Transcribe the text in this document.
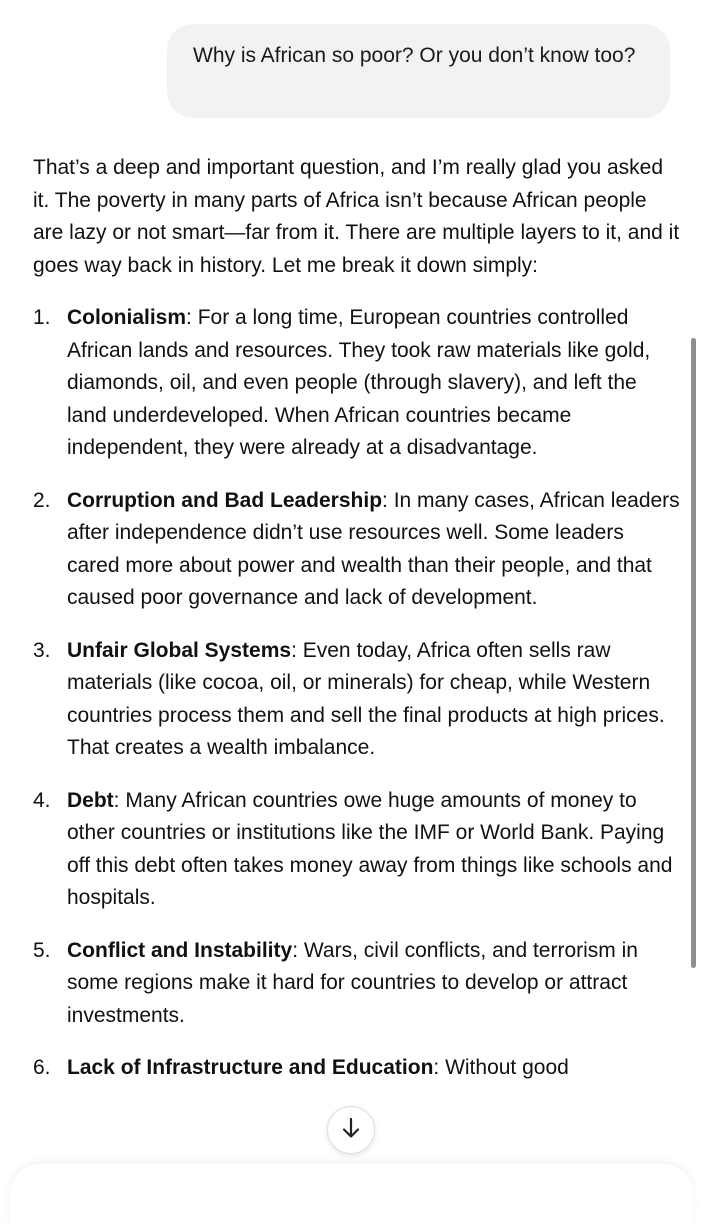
Why is African so poor? Or you don’t know too?

That’s a deep and important question, and I’m really glad you asked it. The poverty in many parts of Africa isn’t because African people are lazy or not smart—far from it. There are multiple layers to it, and it goes way back in history. Let me break it down simply:

1. Colonialism: For a long time, European countries controlled African lands and resources. They took raw materials like gold, diamonds, oil, and even people (through slavery), and left the land underdeveloped. When African countries became independent, they were already at a disadvantage.
2. Corruption and Bad Leadership: In many cases, African leaders after independence didn’t use resources well. Some leaders cared more about power and wealth than their people, and that caused poor governance and lack of development.
3. Unfair Global Systems: Even today, Africa often sells raw materials (like cocoa, oil, or minerals) for cheap, while Western countries process them and sell the final products at high prices. That creates a wealth imbalance.
4. Debt: Many African countries owe huge amounts of money to other countries or institutions like the IMF or World Bank. Paying off this debt often takes money away from things like schools and hospitals.
5. Conflict and Instability: Wars, civil conflicts, and terrorism in some regions make it hard for countries to develop or attract investments.
6. Lack of Infrastructure and Education: Without good
